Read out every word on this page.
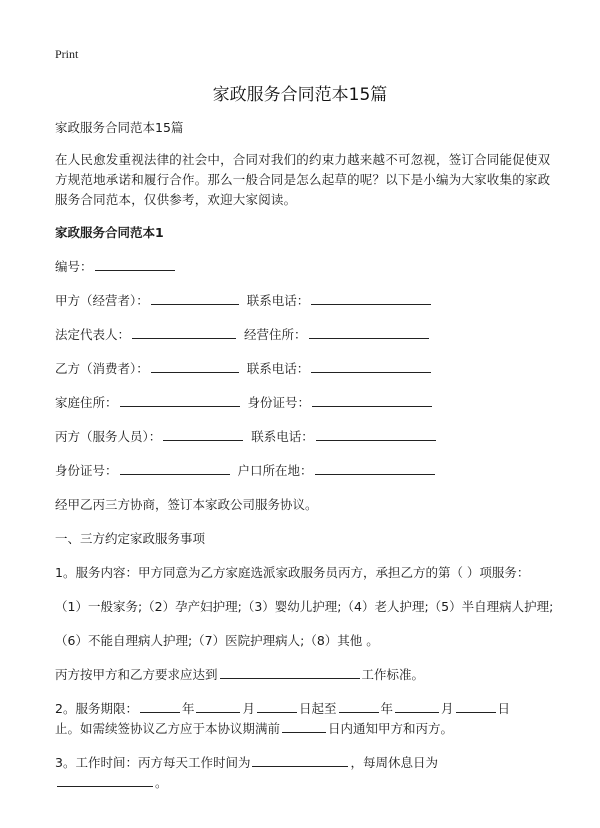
Print
家政服务合同范本15篇

家政服务合同范本15篇

在人民愈发重视法律的社会中，合同对我们的约束力越来越不可忽视，签订合同能促使双方规范地承诺和履行合作。那么一般合同是怎么起草的呢？以下是小编为大家收集的家政服务合同范本，仅供参考，欢迎大家阅读。

家政服务合同范本1

编号：
甲方（经营者）：	联系电话：
法定代表人：	经营住所：
乙方（消费者）：	联系电话：
家庭住所：	身份证号：
丙方（服务人员）：	联系电话：
身份证号：	户口所在地：

经甲乙丙三方协商，签订本家政公司服务协议。

一、三方约定家政服务事项

1。服务内容：甲方同意为乙方家庭选派家政服务员丙方，承担乙方的第（ ）项服务：

（1）一般家务;（2）孕产妇护理;（3）婴幼儿护理;（4）老人护理;（5）半自理病人护理;

（6）不能自理病人护理;（7）医院护理病人;（8）其他 。

丙方按甲方和乙方要求应达到	工作标准。
2。服务期限：	年	月	日起至	年	月	日
止。如需续签协议乙方应于本协议期满前	日内通知甲方和丙方。
3。工作时间：丙方每天工作时间为	，每周休息日为
。
